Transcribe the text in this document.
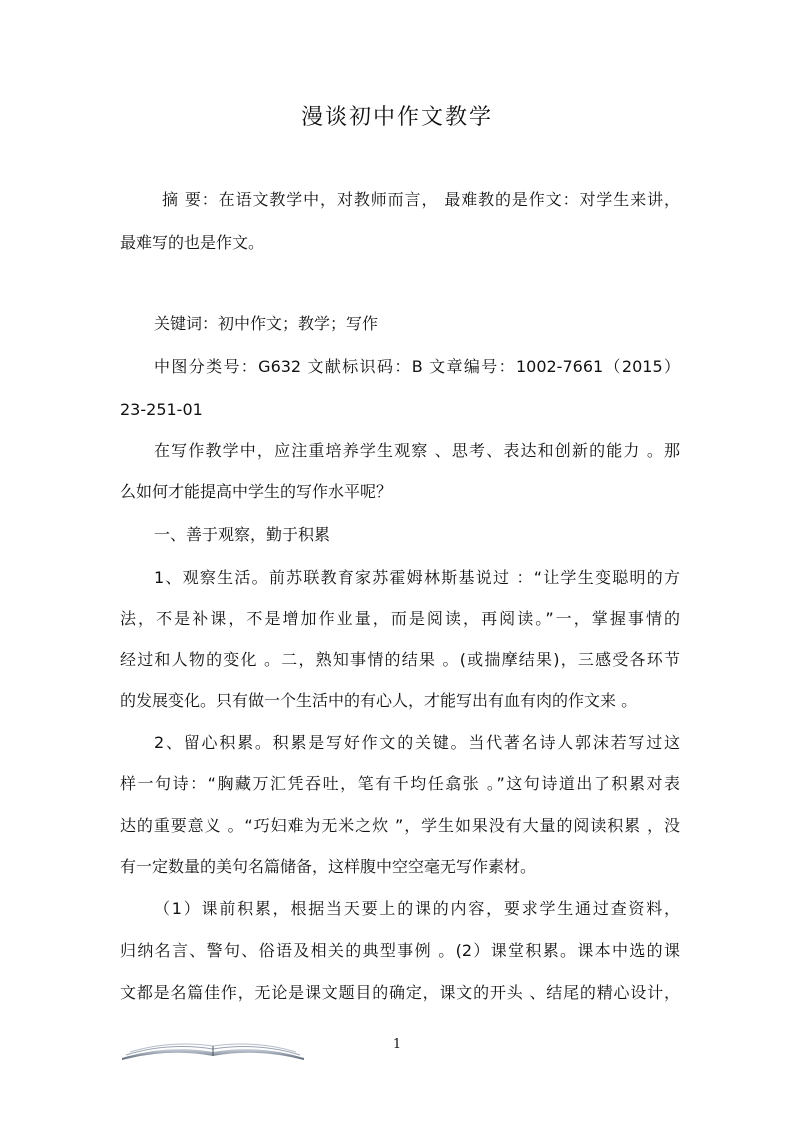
漫谈初中作文教学
摘 要：在语文教学中，对教师而言， 最难教的是作文：对学生来讲，
最难写的也是作文。
关键词：初中作文；教学；写作
中图分类号：G632 文献标识码：B 文章编号：1002-7661（2015）
23-251-01
在写作教学中，应注重培养学生观察 、思考、表达和创新的能力 。那
么如何才能提高中学生的写作水平呢？
一、善于观察，勤于积累
1、观察生活。前苏联教育家苏霍姆林斯基说过 ：“让学生变聪明的方
法，不是补课，不是增加作业量，而是阅读，再阅读。”一，掌握事情的
经过和人物的变化 。二，熟知事情的结果 。(或揣摩结果)，三感受各环节
的发展变化。只有做一个生活中的有心人，才能写出有血有肉的作文来 。
2、留心积累。积累是写好作文的关键。当代著名诗人郭沫若写过这
样一句诗：“胸藏万汇凭吞吐，笔有千均任翕张 。”这句诗道出了积累对表
达的重要意义 。“巧妇难为无米之炊 ”，学生如果没有大量的阅读积累 ，没
有一定数量的美句名篇储备，这样腹中空空毫无写作素材。
（1）课前积累，根据当天要上的课的内容，要求学生通过查资料，
归纳名言、警句、俗语及相关的典型事例 。(2）课堂积累。课本中选的课
文都是名篇佳作，无论是课文题目的确定，课文的开头 、结尾的精心设计，
1
